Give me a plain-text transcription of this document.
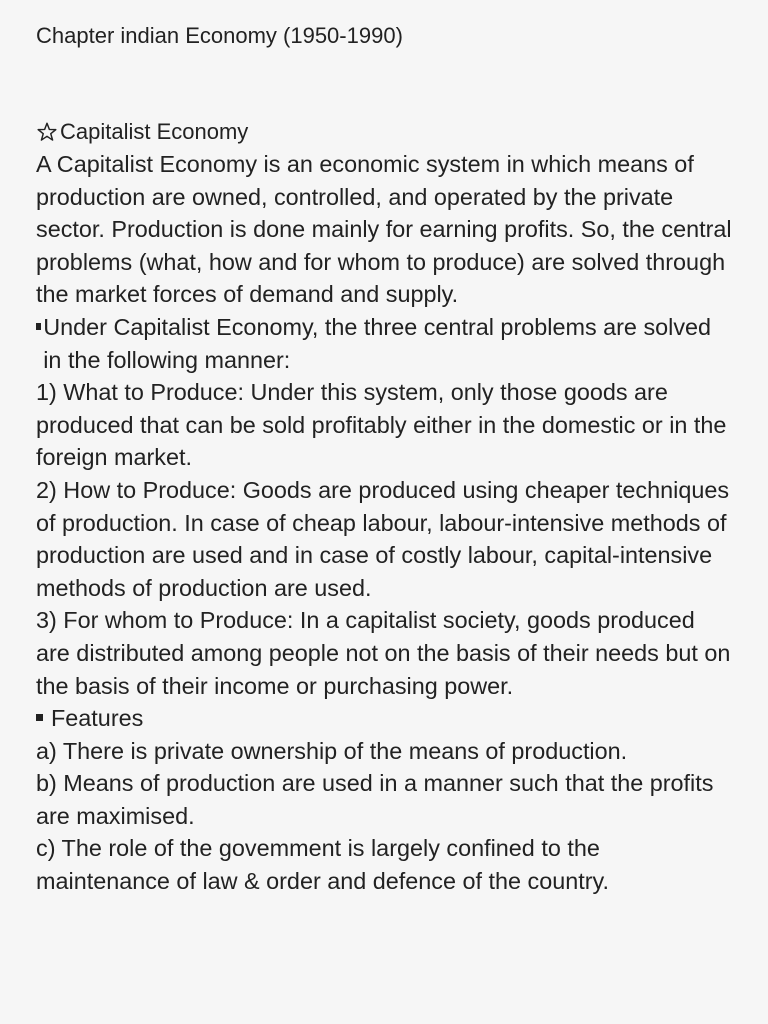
Chapter indian Economy (1950-1990)
Capitalist Economy

A Capitalist Economy is an economic system in which means of production are owned, controlled, and operated by the private sector. Production is done mainly for earning profits. So, the central problems (what, how and for whom to produce) are solved through the market forces of demand and supply.

Under Capitalist Economy, the three central problems are solved in the following manner:

1) What to Produce: Under this system, only those goods are produced that can be sold profitably either in the domestic or in the foreign market.

2) How to Produce: Goods are produced using cheaper techniques of production. In case of cheap labour, labour-intensive methods of production are used and in case of costly labour, capital-intensive methods of production are used.

3) For whom to Produce: In a capitalist society, goods produced are distributed among people not on the basis of their needs but on the basis of their income or purchasing power.

Features

a) There is private ownership of the means of production.

b) Means of production are used in a manner such that the profits are maximised.

c) The role of the govemment is largely confined to the maintenance of law & order and defence of the country.
